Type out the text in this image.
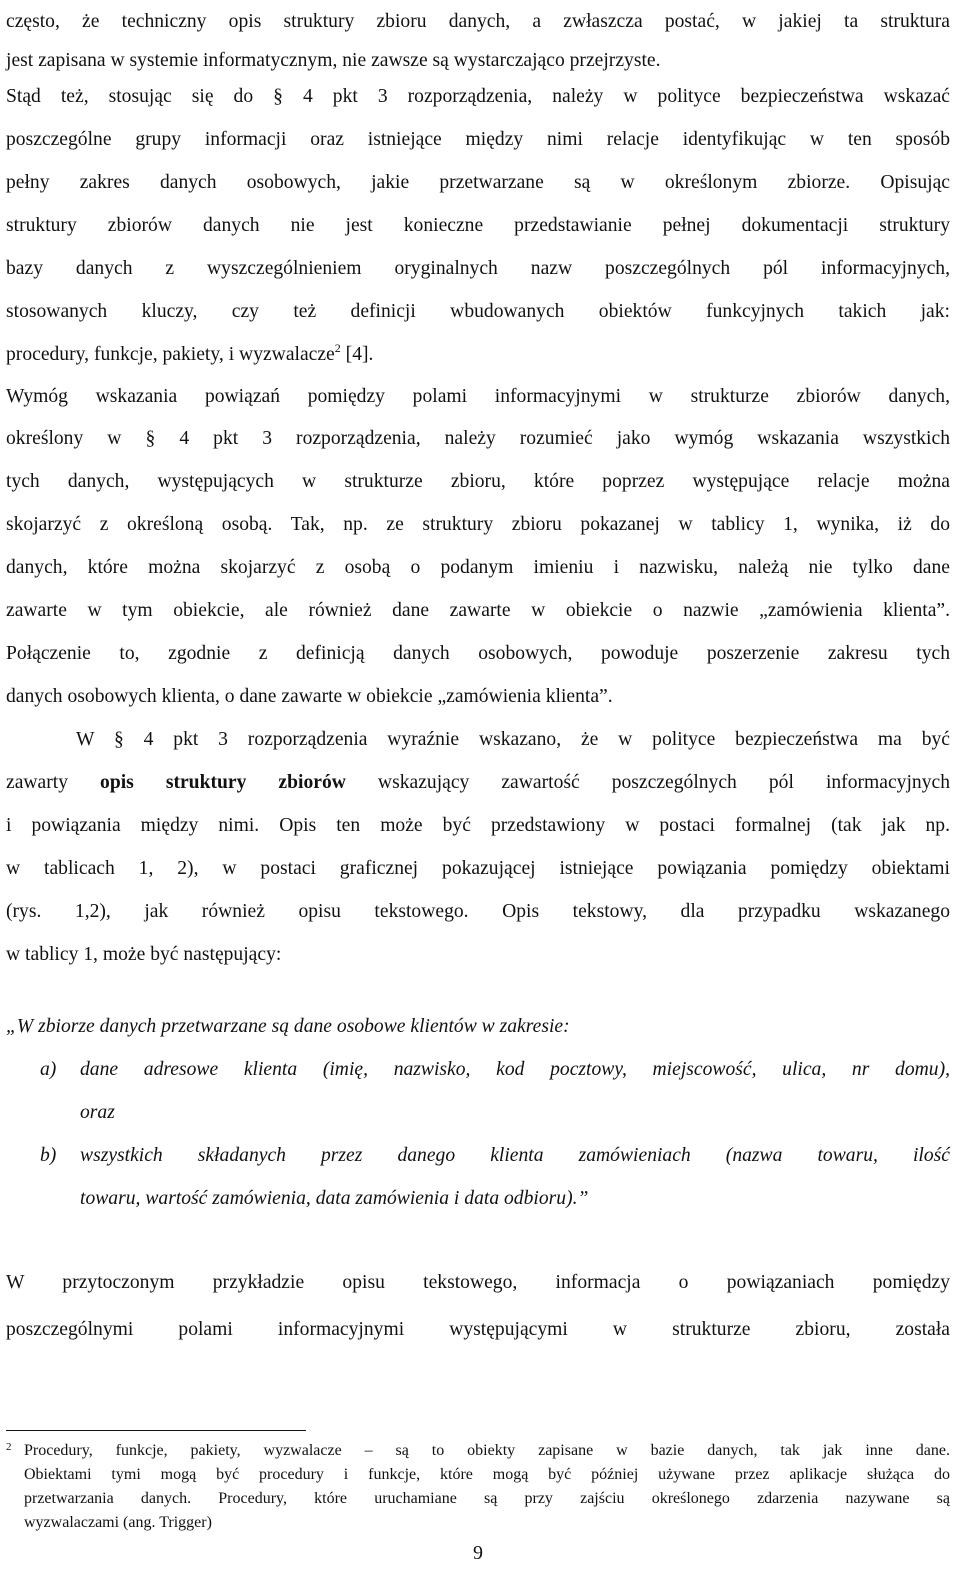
często, że techniczny opis struktury zbioru danych, a zwłaszcza postać, w jakiej ta struktura
jest zapisana w systemie informatycznym, nie zawsze są wystarczająco przejrzyste.
Stąd też, stosując się do § 4 pkt 3 rozporządzenia, należy w polityce bezpieczeństwa wskazać
poszczególne grupy informacji oraz istniejące między nimi relacje identyfikując w ten sposób
pełny zakres danych osobowych, jakie przetwarzane są w określonym zbiorze. Opisując
struktury zbiorów danych nie jest konieczne przedstawianie pełnej dokumentacji struktury
bazy danych z wyszczególnieniem oryginalnych nazw poszczególnych pól informacyjnych,
stosowanych kluczy, czy też definicji wbudowanych obiektów funkcyjnych takich jak:
procedury, funkcje, pakiety, i wyzwalacze$^2$ [4].
Wymóg wskazania powiązań pomiędzy polami informacyjnymi w strukturze zbiorów danych,
określony w § 4 pkt 3 rozporządzenia, należy rozumieć jako wymóg wskazania wszystkich
tych danych, występujących w strukturze zbioru, które poprzez występujące relacje można
skojarzyć z określoną osobą. Tak, np. ze struktury zbioru pokazanej w tablicy 1, wynika, iż do
danych, które można skojarzyć z osobą o podanym imieniu i nazwisku, należą nie tylko dane
zawarte w tym obiekcie, ale również dane zawarte w obiekcie o nazwie „zamówienia klienta”.
Połączenie to, zgodnie z definicją danych osobowych, powoduje poszerzenie zakresu tych
danych osobowych klienta, o dane zawarte w obiekcie „zamówienia klienta”.
W § 4 pkt 3 rozporządzenia wyraźnie wskazano, że w polityce bezpieczeństwa ma być
zawarty opis struktury zbiorów wskazujący zawartość poszczególnych pól informacyjnych
i powiązania między nimi. Opis ten może być przedstawiony w postaci formalnej (tak jak np.
w tablicach 1, 2), w postaci graficznej pokazującej istniejące powiązania pomiędzy obiektami
(rys. 1,2), jak również opisu tekstowego. Opis tekstowy, dla przypadku wskazanego
w tablicy 1, może być następujący:
„W zbiorze danych przetwarzane są dane osobowe klientów w zakresie:
a) dane adresowe klienta (imię, nazwisko, kod pocztowy, miejscowość, ulica, nr domu),
oraz
b) wszystkich składanych przez danego klienta zamówieniach (nazwa towaru, ilość
towaru, wartość zamówienia, data zamówienia i data odbioru).”
W przytoczonym przykładzie opisu tekstowego, informacja o powiązaniach pomiędzy
poszczególnymi polami informacyjnymi występującymi w strukturze zbioru, została
2 Procedury, funkcje, pakiety, wyzwalacze – są to obiekty zapisane w bazie danych, tak jak inne dane.
Obiektami tymi mogą być procedury i funkcje, które mogą być później używane przez aplikacje służąca do
przetwarzania danych. Procedury, które uruchamiane są przy zajściu określonego zdarzenia nazywane są
wyzwalaczami (ang. Trigger)
9
